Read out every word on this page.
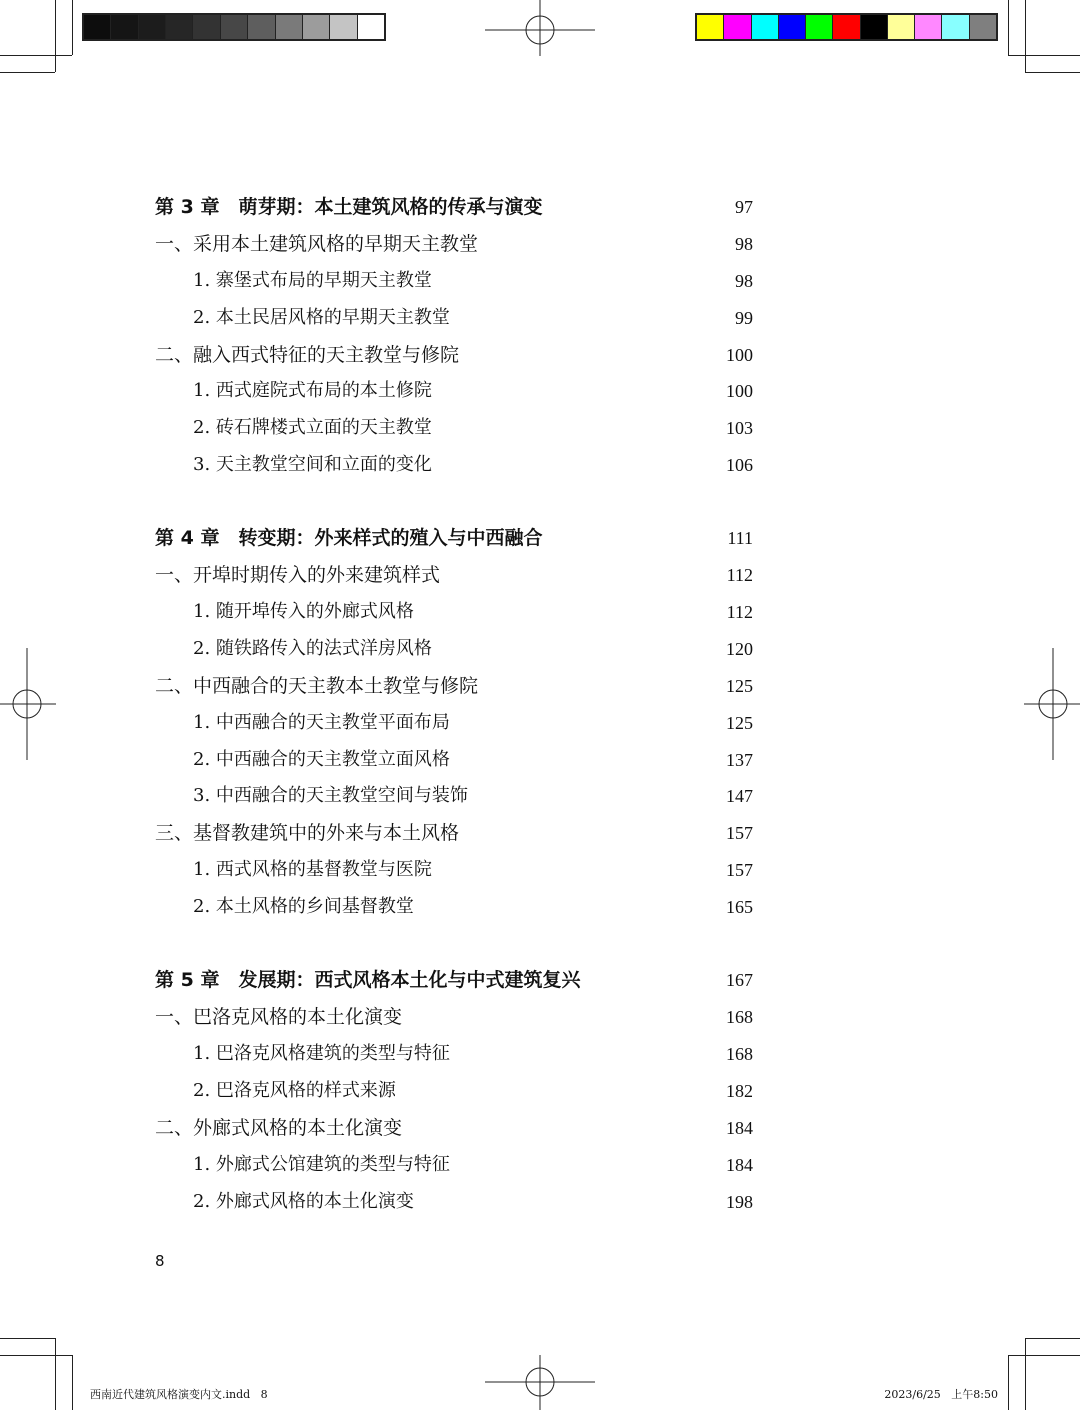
第 3 章　萌芽期：本土建筑风格的传承与演变	97
一、采用本土建筑风格的早期天主教堂	98
1. 寨堡式布局的早期天主教堂	98
2. 本土民居风格的早期天主教堂	99
二、融入西式特征的天主教堂与修院	100
1. 西式庭院式布局的本土修院	100
2. 砖石牌楼式立面的天主教堂	103
3. 天主教堂空间和立面的变化	106
第 4 章　转变期：外来样式的殖入与中西融合	111
一、开埠时期传入的外来建筑样式	112
1. 随开埠传入的外廊式风格	112
2. 随铁路传入的法式洋房风格	120
二、中西融合的天主教本土教堂与修院	125
1. 中西融合的天主教堂平面布局	125
2. 中西融合的天主教堂立面风格	137
3. 中西融合的天主教堂空间与装饰	147
三、基督教建筑中的外来与本土风格	157
1. 西式风格的基督教堂与医院	157
2. 本土风格的乡间基督教堂	165
第 5 章　发展期：西式风格本土化与中式建筑复兴	167
一、巴洛克风格的本土化演变	168
1. 巴洛克风格建筑的类型与特征	168
2. 巴洛克风格的样式来源	182
二、外廊式风格的本土化演变	184
1. 外廊式公馆建筑的类型与特征	184
2. 外廊式风格的本土化演变	198
8
西南近代建筑风格演变内文.indd   8	2023/6/25   上午8:50
